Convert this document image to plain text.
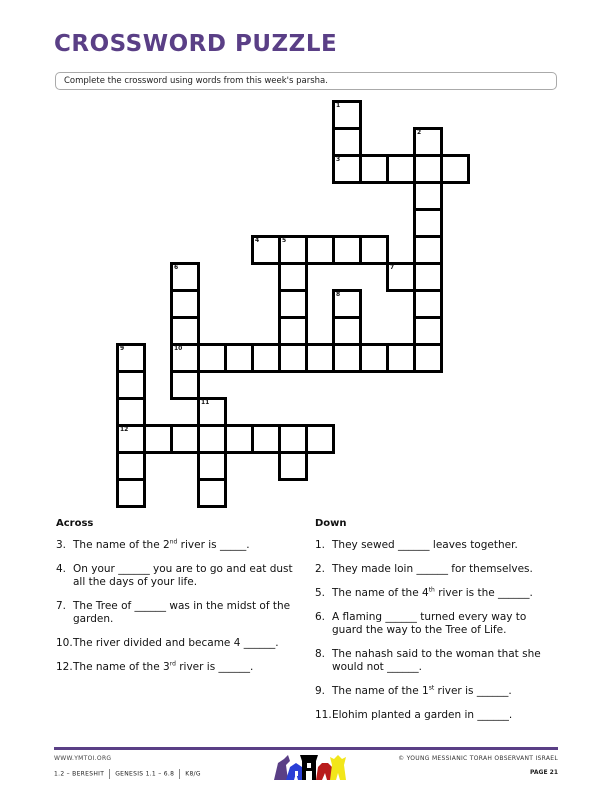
CROSSWORD PUZZLE
Complete the crossword using words from this week's parsha.
1
2
3
4	5
6	7
8
9	10
11
12
Across
3. The name of the 2nd river is _____.
4. On your ______ you are to go and eat dust all the days of your life.
7. The Tree of ______ was in the midst of the garden.
10. The river divided and became 4 ______.
12. The name of the 3rd river is ______.
Down
1. They sewed ______ leaves together.
2. They made loin ______ for themselves.
5. The name of the 4th river is the ______.
6. A flaming ______ turned every way to guard the way to the Tree of Life.
8. The nahash said to the woman that she would not ______.
9. The name of the 1st river is ______.
11. Elohim planted a garden in ______.
WWW.YMTOI.ORG
1.2 – BERESHIT GENESIS 1.1 – 6.8 K8/G
© YOUNG MESSIANIC TORAH OBSERVANT ISRAEL
PAGE 21
